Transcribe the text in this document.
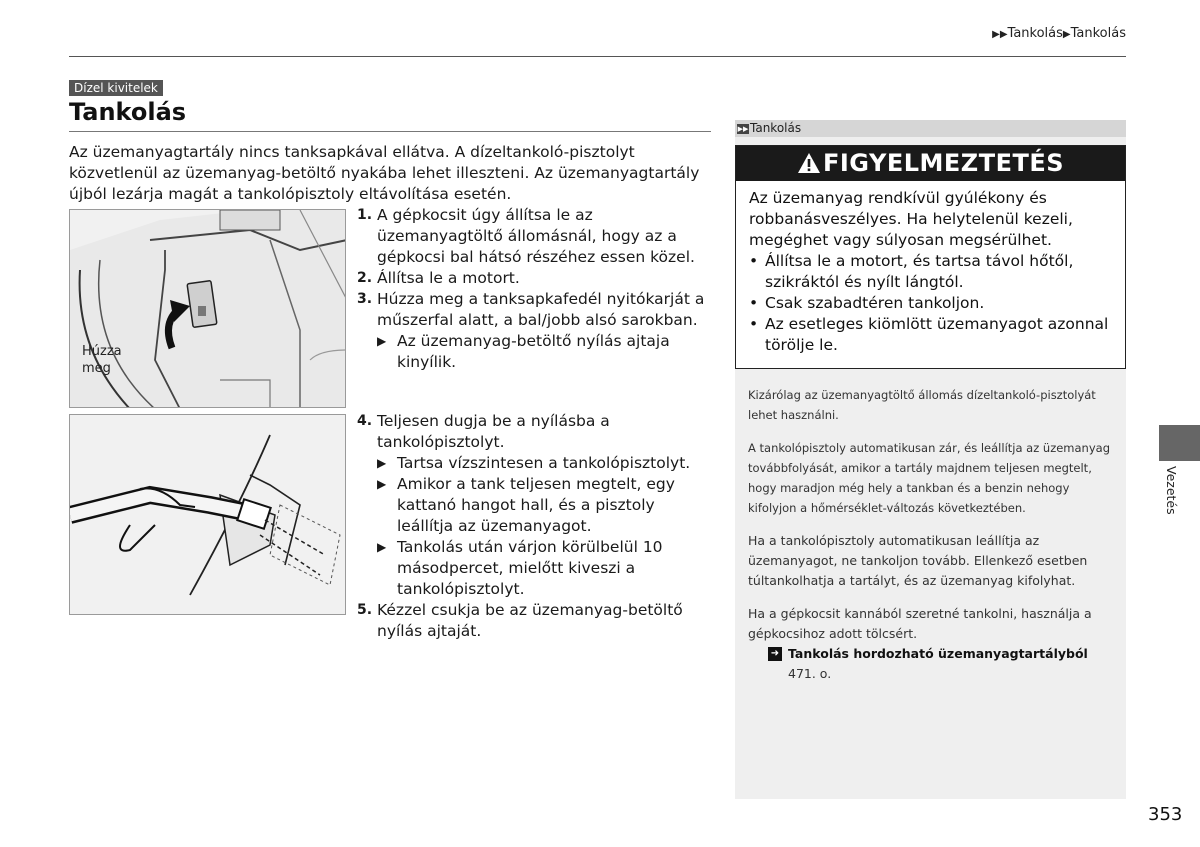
▶▶Tankolás▶Tankolás
Dízel kivitelek
Tankolás

Az üzemanyagtartály nincs tanksapkával ellátva. A dízeltankoló-pisztolyt közvetlenül az üzemanyag-betöltő nyakába lehet illeszteni. Az üzemanyagtartály újból lezárja magát a tankolópisztoly eltávolítása esetén.

Húzza
meg
1. A gépkocsit úgy állítsa le az üzemanyagtöltő állomásnál, hogy az a gépkocsi bal hátsó részéhez essen közel.
2. Állítsa le a motort.
3. Húzza meg a tanksapkafedél nyitókarját a műszerfal alatt, a bal/jobb alsó sarokban.
▶ Az üzemanyag-betöltő nyílás ajtaja kinyílik.
4. Teljesen dugja be a nyílásba a tankolópisztolyt.
▶ Tartsa vízszintesen a tankolópisztolyt.
▶ Amikor a tank teljesen megtelt, egy kattanó hangot hall, és a pisztoly leállítja az üzemanyagot.
▶ Tankolás után várjon körülbelül 10 másodpercet, mielőtt kiveszi a tankolópisztolyt.
5. Kézzel csukja be az üzemanyag-betöltő nyílás ajtaját.
▶▶ Tankolás
FIGYELMEZTETÉS
Az üzemanyag rendkívül gyúlékony és robbanásveszélyes. Ha helytelenül kezeli, megéghet vagy súlyosan megsérülhet.
• Állítsa le a motort, és tartsa távol hőtől, szikráktól és nyílt lángtól.
• Csak szabadtéren tankoljon.
• Az esetleges kiömlött üzemanyagot azonnal törölje le.

Kizárólag az üzemanyagtöltő állomás dízeltankoló-pisztolyát lehet használni.

A tankolópisztoly automatikusan zár, és leállítja az üzemanyag továbbfolyását, amikor a tartály majdnem teljesen megtelt, hogy maradjon még hely a tankban és a benzin nehogy kifolyjon a hőmérséklet-változás következtében.

Ha a tankolópisztoly automatikusan leállítja az üzemanyagot, ne tankoljon tovább. Ellenkező esetben túltankolhatja a tartályt, és az üzemanyag kifolyhat.

Ha a gépkocsit kannából szeretné tankolni, használja a gépkocsihoz adott tölcsért.

➜ Tankolás hordozható üzemanyagtartályból
471. o.
Vezetés
353
